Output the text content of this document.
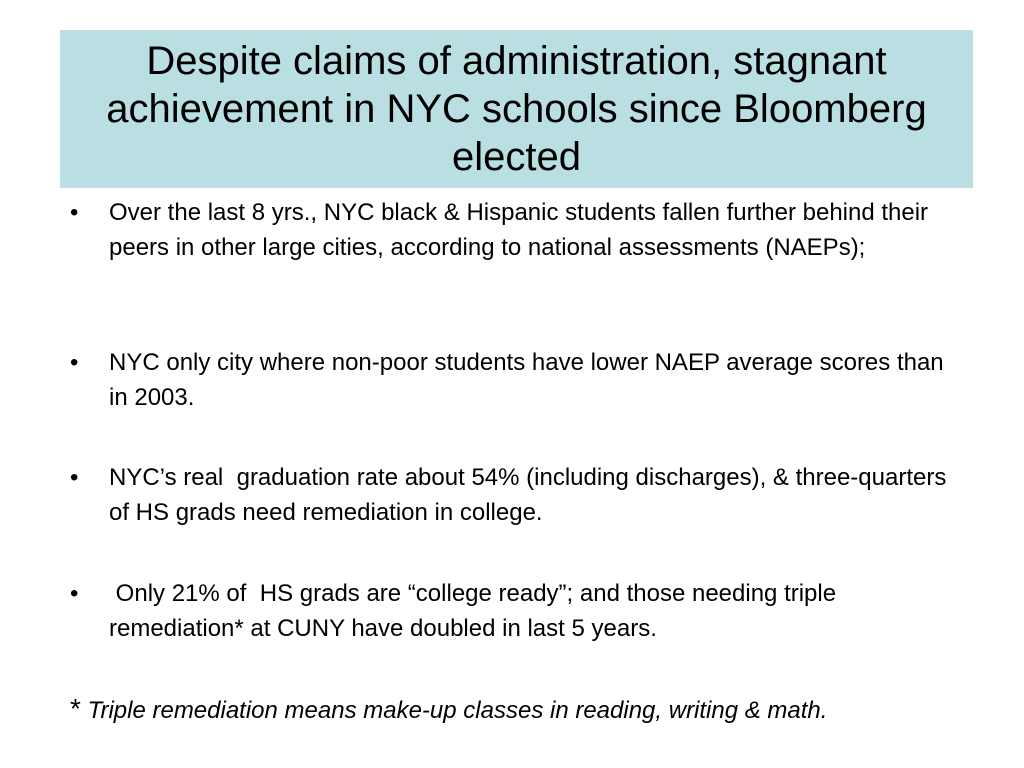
Despite claims of administration, stagnant achievement in NYC schools since Bloomberg elected
•	Over the last 8 yrs., NYC black & Hispanic students fallen further behind their peers in other large cities, according to national assessments (NAEPs);
•	NYC only city where non-poor students have lower NAEP average scores than in 2003.
•	NYC’s real  graduation rate about 54% (including discharges), & three-quarters of HS grads need remediation in college.
•	Only 21% of  HS grads are “college ready”; and those needing triple remediation* at CUNY have doubled in last 5 years.
* Triple remediation means make-up classes in reading, writing & math.
